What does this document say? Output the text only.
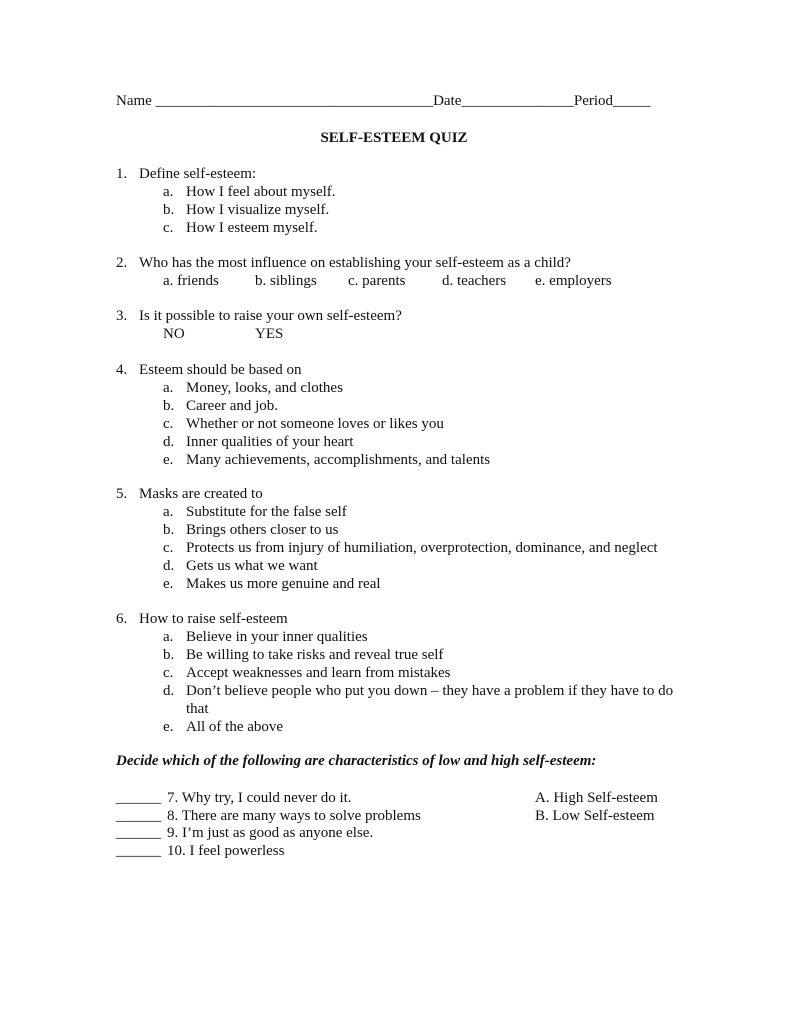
Name _____________________________________Date_______________Period_____
SELF-ESTEEM QUIZ
1. Define self-esteem:
a. How I feel about myself.
b. How I visualize myself.
c. How I esteem myself.
2. Who has the most influence on establishing your self-esteem as a child?
a. friends b. siblings c. parents d. teachers e. employers
3. Is it possible to raise your own self-esteem?
NO	YES
4. Esteem should be based on
a. Money, looks, and clothes
b. Career and job.
c. Whether or not someone loves or likes you
d. Inner qualities of your heart
e. Many achievements, accomplishments, and talents
5. Masks are created to
a. Substitute for the false self
b. Brings others closer to us
c. Protects us from injury of humiliation, overprotection, dominance, and neglect
d. Gets us what we want
e. Makes us more genuine and real
6. How to raise self-esteem
a. Believe in your inner qualities
b. Be willing to take risks and reveal true self
c. Accept weaknesses and learn from mistakes
d. Don’t believe people who put you down – they have a problem if they have to do that
e. All of the above
Decide which of the following are characteristics of low and high self-esteem:
______ 7. Why try, I could never do it.	A. High Self-esteem
______ 8. There are many ways to solve problems	B. Low Self-esteem
______ 9. I’m just as good as anyone else.
______ 10. I feel powerless
